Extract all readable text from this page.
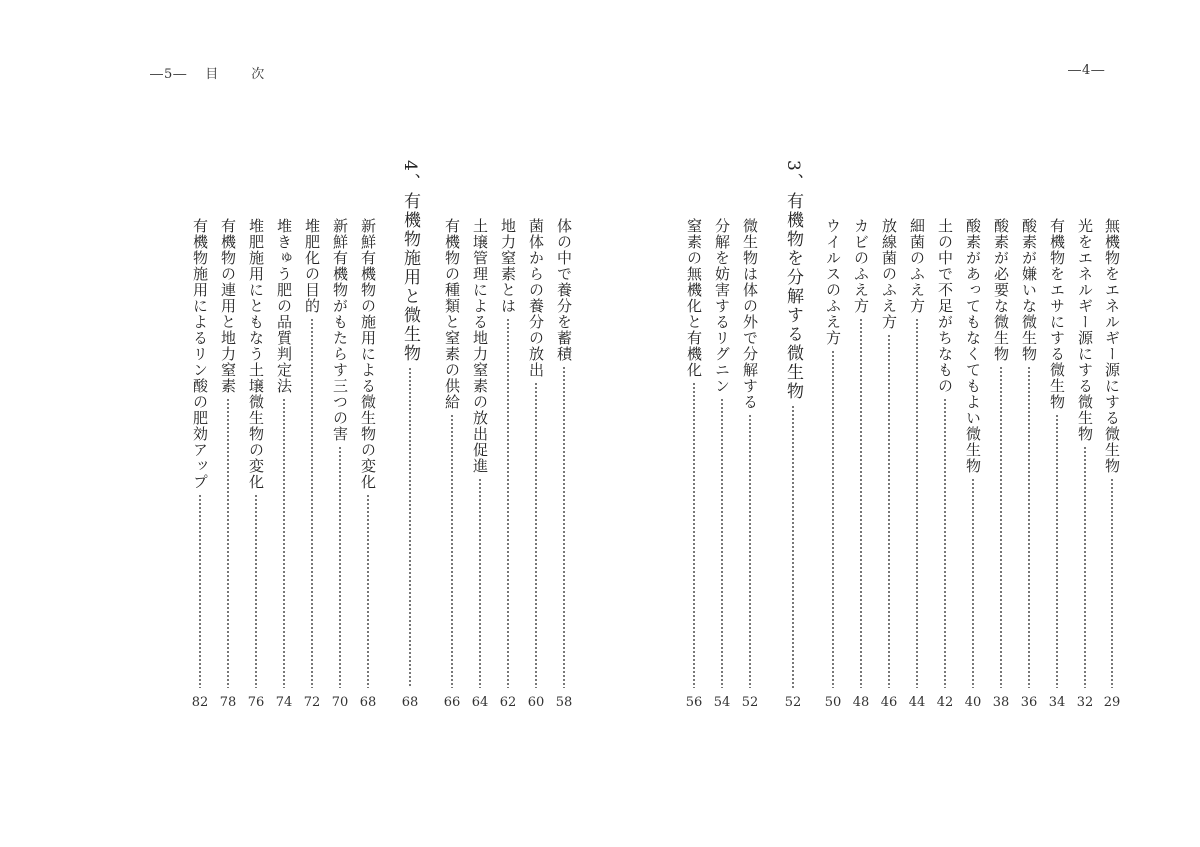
―5― 目　次	―4―
無機物をエネルギー源にする微生物
29
光をエネルギー源にする微生物
32
有機物をエサにする微生物
34
酸素が嫌いな微生物
36
酸素が必要な微生物
38
酸素があってもなくてもよい微生物
40
土の中で不足がちなもの
42
細菌のふえ方
44
放線菌のふえ方
46
カビのふえ方
48
ウイルスのふえ方
50
3、有機物を分解する微生物
52
微生物は体の外で分解する
52
分解を妨害するリグニン
54
窒素の無機化と有機化
56
体の中で養分を蓄積
58
菌体からの養分の放出
60
地力窒素とは
62
土壌管理による地力窒素の放出促進
64
有機物の種類と窒素の供給
66
4、有機物施用と微生物
68
新鮮有機物の施用による微生物の変化
68
新鮮有機物がもたらす三つの害
70
堆肥化の目的
72
堆きゅう肥の品質判定法
74
堆肥施用にともなう土壌微生物の変化
76
有機物の連用と地力窒素
78
有機物施用によるリン酸の肥効アップ
82
